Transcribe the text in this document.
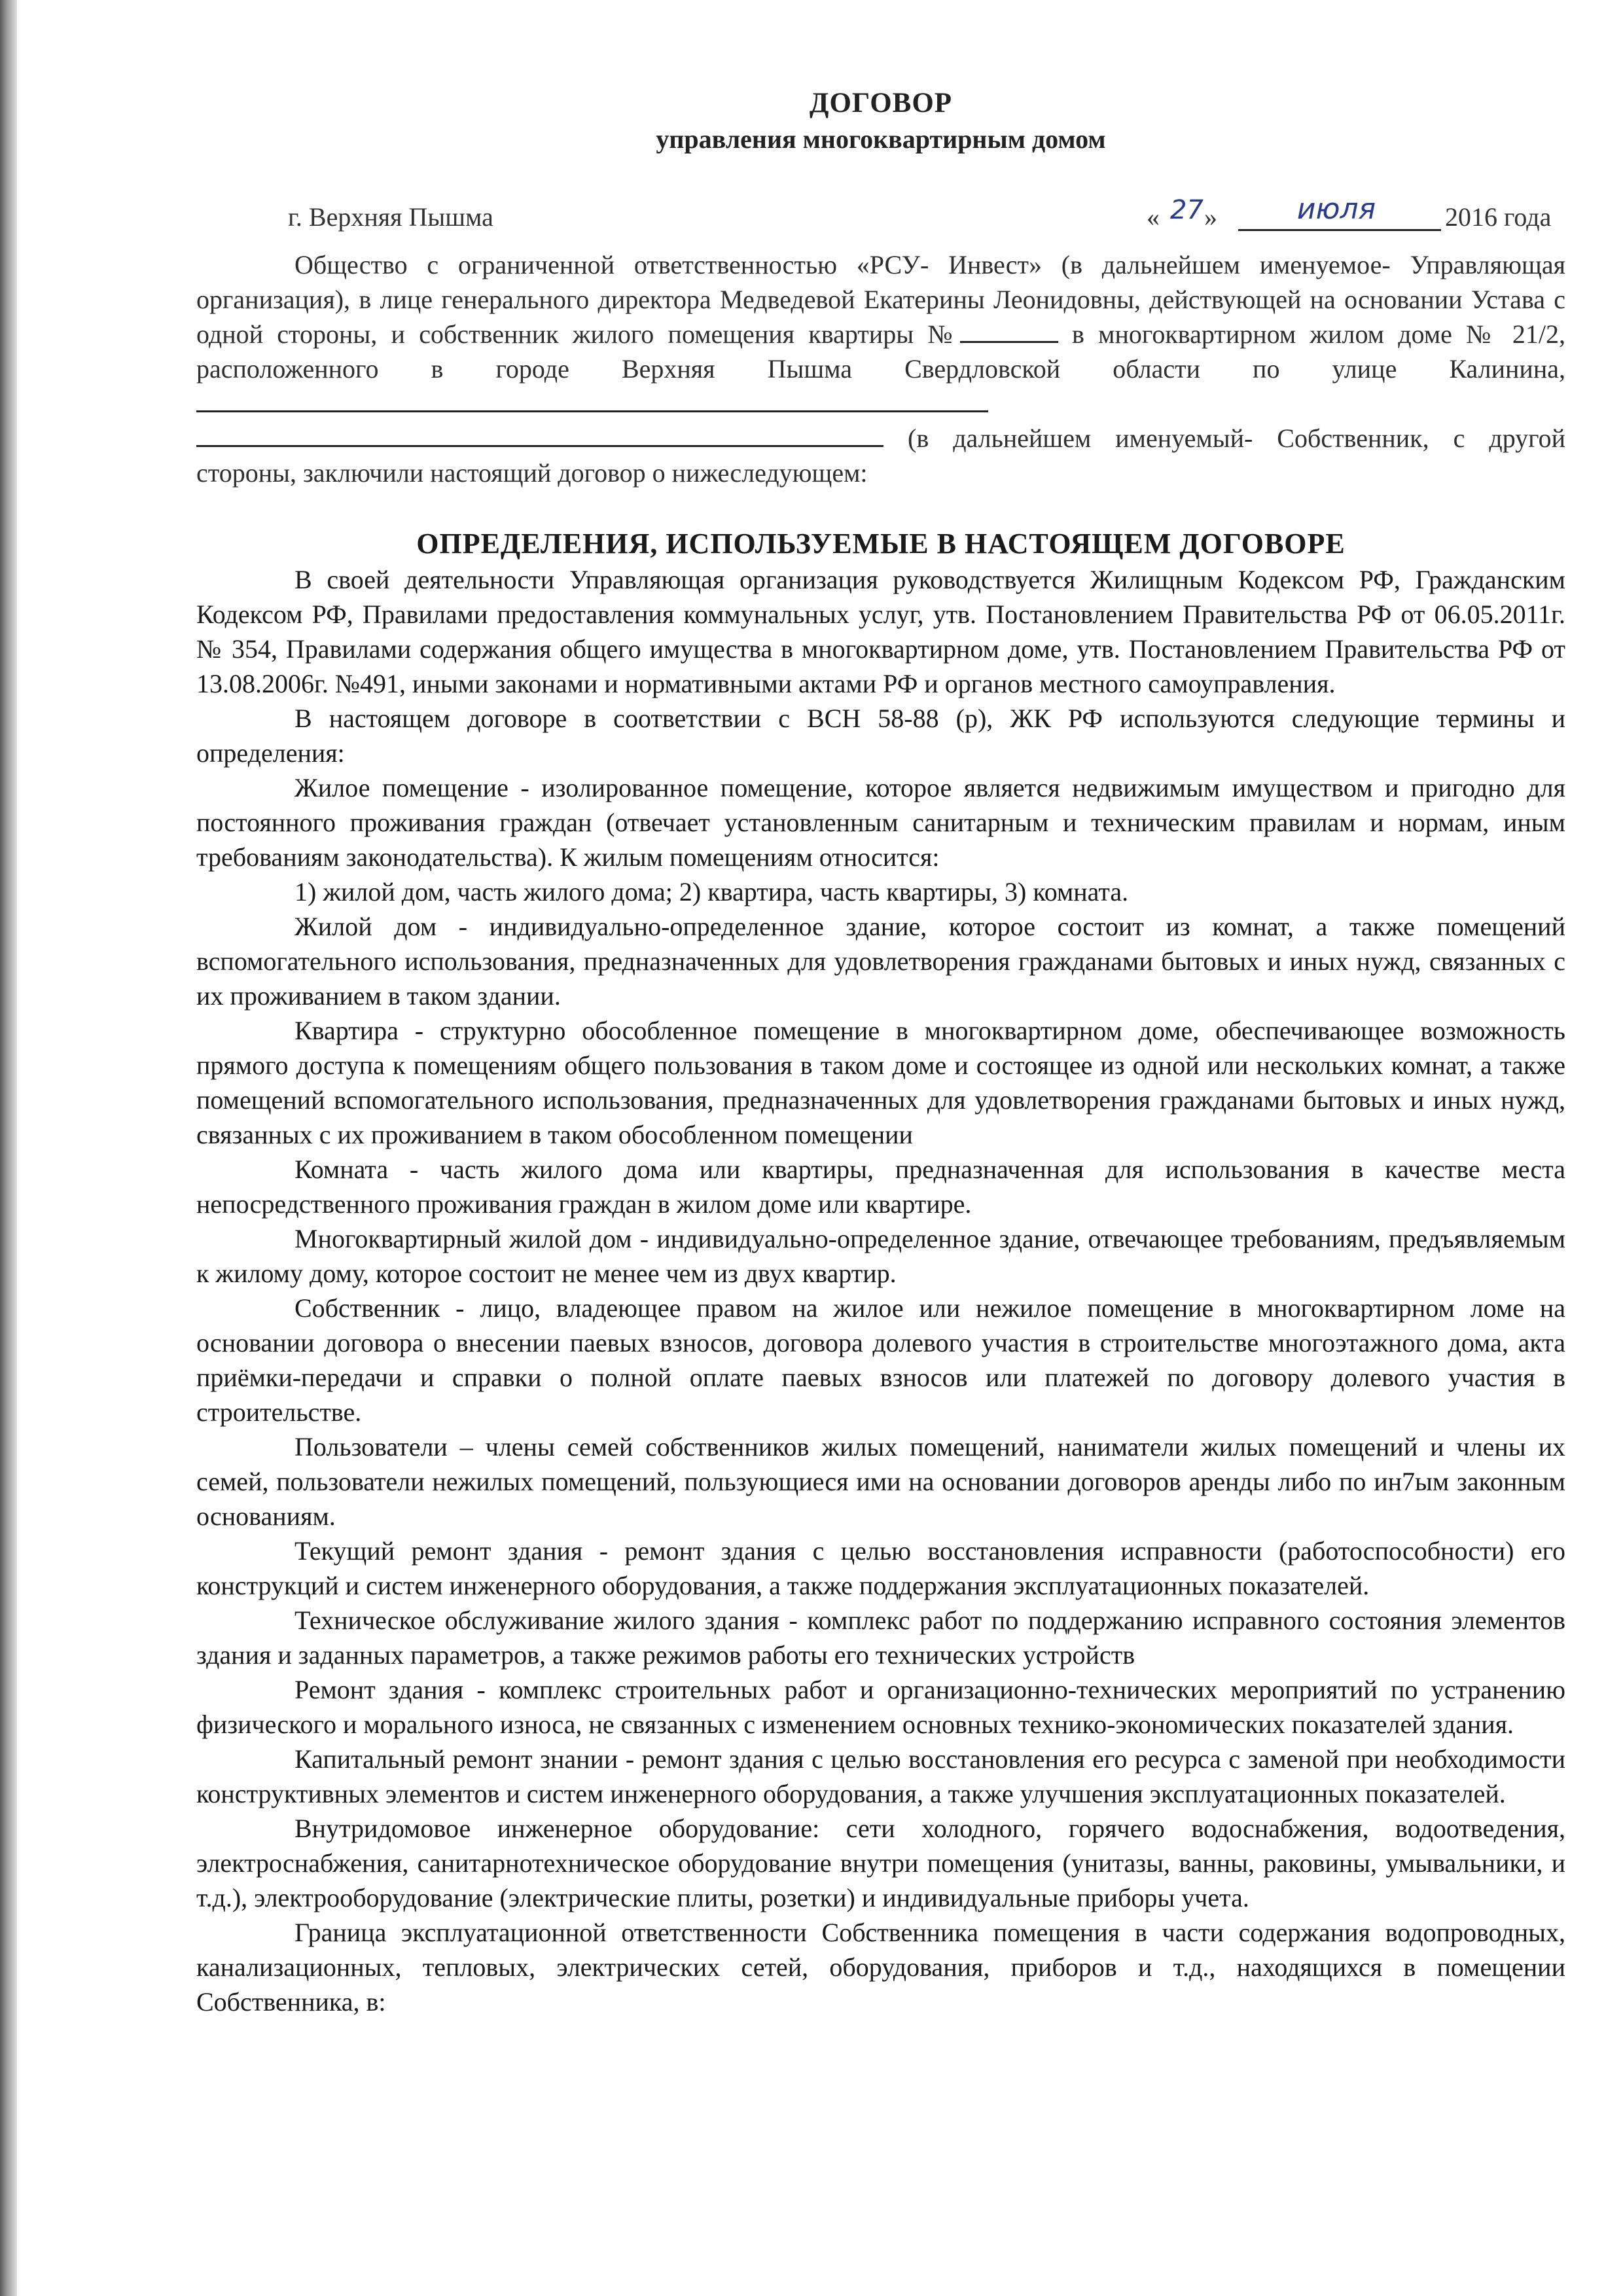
ДОГОВОР
управления многоквартирным домом
г. Верхняя Пышма	« 27 »	июля	2016 года

Общество с ограниченной ответственностью «РСУ- Инвест» (в дальнейшем именуемое- Управляющая организация), в лице генерального директора Медведевой Екатерины Леонидовны, действующей на основании Устава с одной стороны, и собственник жилого помещения квартиры №	в многоквартирном жилом доме № 21/2, расположенного в городе Верхняя Пышма Свердловской области по улице Калинина,   (в дальнейшем именуемый- Собственник, с другой стороны, заключили настоящий договор о нижеследующем:

ОПРЕДЕЛЕНИЯ, ИСПОЛЬЗУЕМЫЕ В НАСТОЯЩЕМ ДОГОВОРЕ

В своей деятельности Управляющая организация руководствуется Жилищным Кодексом РФ, Гражданским Кодексом РФ, Правилами предоставления коммунальных услуг, утв. Постановлением Правительства РФ от 06.05.2011г. № 354, Правилами содержания общего имущества в многоквартирном доме, утв. Постановлением Правительства РФ от 13.08.2006г. №491, иными законами и нормативными актами РФ и органов местного самоуправления.

В настоящем договоре в соответствии с ВСН 58-88 (р), ЖК РФ используются следующие термины и определения:

Жилое помещение - изолированное помещение, которое является недвижимым имуществом и пригодно для постоянного проживания граждан (отвечает установленным санитарным и техническим правилам и нормам, иным требованиям законодательства). К жилым помещениям относится:

1) жилой дом, часть жилого дома; 2) квартира, часть квартиры, 3) комната.

Жилой дом - индивидуально-определенное здание, которое состоит из комнат, а также помещений вспомогательного использования, предназначенных для удовлетворения гражданами бытовых и иных нужд, связанных с их проживанием в таком здании.

Квартира - структурно обособленное помещение в многоквартирном доме, обеспечивающее возможность прямого доступа к помещениям общего пользования в таком доме и состоящее из одной или нескольких комнат, а также помещений вспомогательного использования, предназначенных для удовлетворения гражданами бытовых и иных нужд, связанных с их проживанием в таком обособленном помещении

Комната - часть жилого дома или квартиры, предназначенная для использования в качестве места непосредственного проживания граждан в жилом доме или квартире.

Многоквартирный жилой дом - индивидуально-определенное здание, отвечающее требованиям, предъявляемым к жилому дому, которое состоит не менее чем из двух квартир.

Собственник - лицо, владеющее правом на жилое или нежилое помещение в многоквартирном ломе на основании договора о внесении паевых взносов, договора долевого участия в строительстве многоэтажного дома, акта приёмки-передачи и справки о полной оплате паевых взносов или платежей по договору долевого участия в строительстве.

Пользователи – члены семей собственников жилых помещений, наниматели жилых помещений и члены их семей, пользователи нежилых помещений, пользующиеся ими на основании договоров аренды либо по ин7ым законным основаниям.

Текущий ремонт здания - ремонт здания с целью восстановления исправности (работоспособности) его конструкций и систем инженерного оборудования, а также поддержания эксплуатационных показателей.

Техническое обслуживание жилого здания - комплекс работ по поддержанию исправного состояния элементов здания и заданных параметров, а также режимов работы его технических устройств

Ремонт здания - комплекс строительных работ и организационно-технических мероприятий по устранению физического и морального износа, не связанных с изменением основных технико-экономических показателей здания.

Капитальный ремонт знании - ремонт здания с целью восстановления его ресурса с заменой при необходимости конструктивных элементов и систем инженерного оборудования, а также улучшения эксплуатационных показателей.

Внутридомовое инженерное оборудование: сети холодного, горячего водоснабжения, водоотведения, электроснабжения, санитарнотехническое оборудование внутри помещения (унитазы, ванны, раковины, умывальники, и т.д.), электрооборудование (электрические плиты, розетки) и индивидуальные приборы учета.

Граница эксплуатационной ответственности Собственника помещения в части содержания водопроводных, канализационных, тепловых, электрических сетей, оборудования, приборов и т.д., находящихся в помещении Собственника, в:
